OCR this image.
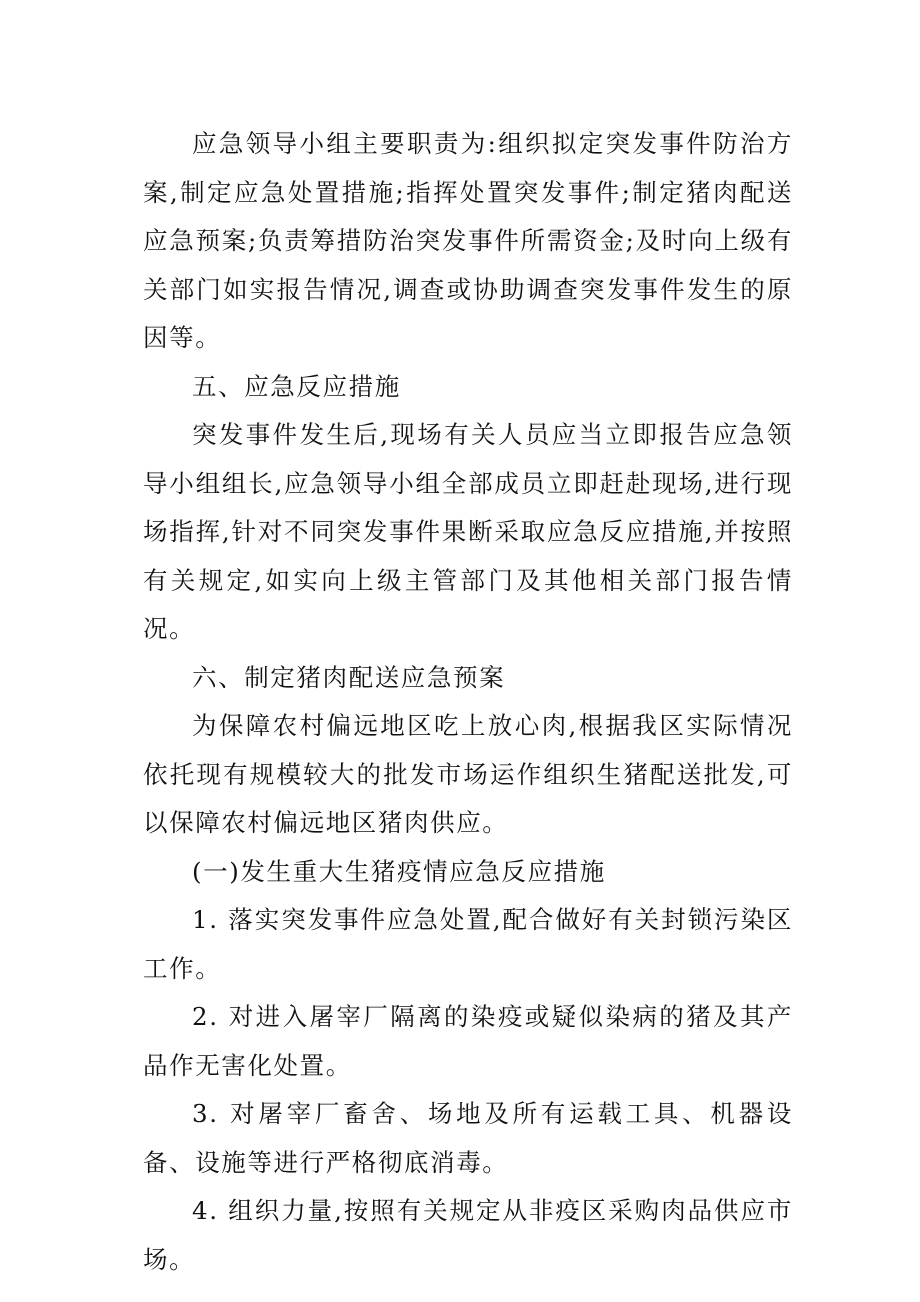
应急领导小组主要职责为:组织拟定突发事件防治方案,制定应急处置措施;指挥处置突发事件;制定猪肉配送应急预案;负责筹措防治突发事件所需资金;及时向上级有关部门如实报告情况,调查或协助调查突发事件发生的原因等。

五、应急反应措施

突发事件发生后,现场有关人员应当立即报告应急领导小组组长,应急领导小组全部成员立即赶赴现场,进行现场指挥,针对不同突发事件果断采取应急反应措施,并按照有关规定,如实向上级主管部门及其他相关部门报告情况。

六、制定猪肉配送应急预案

为保障农村偏远地区吃上放心肉,根据我区实际情况依托现有规模较大的批发市场运作组织生猪配送批发,可以保障农村偏远地区猪肉供应。

(一)发生重大生猪疫情应急反应措施

1. 落实突发事件应急处置,配合做好有关封锁污染区工作。

2. 对进入屠宰厂隔离的染疫或疑似染病的猪及其产品作无害化处置。

3. 对屠宰厂畜舍、场地及所有运载工具、机器设备、设施等进行严格彻底消毒。

4. 组织力量,按照有关规定从非疫区采购肉品供应市场。
